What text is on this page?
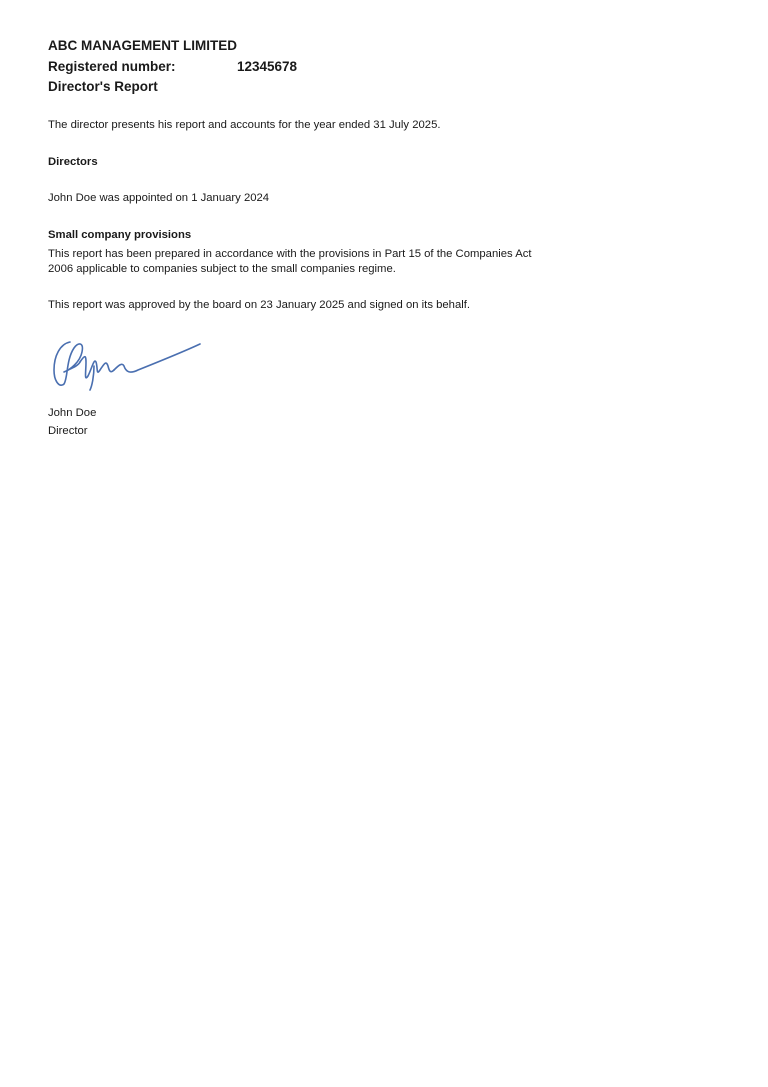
ABC MANAGEMENT LIMITED
Registered number:	12345678
Director's Report
The director presents his report and accounts for the year ended 31 July 2025.
Directors
John Doe was appointed on 1 January 2024
Small company provisions
This report has been prepared in accordance with the provisions in Part 15 of the Companies Act
2006 applicable to companies subject to the small companies regime.
This report was approved by the board on 23 January 2025 and signed on its behalf.
John Doe
Director
